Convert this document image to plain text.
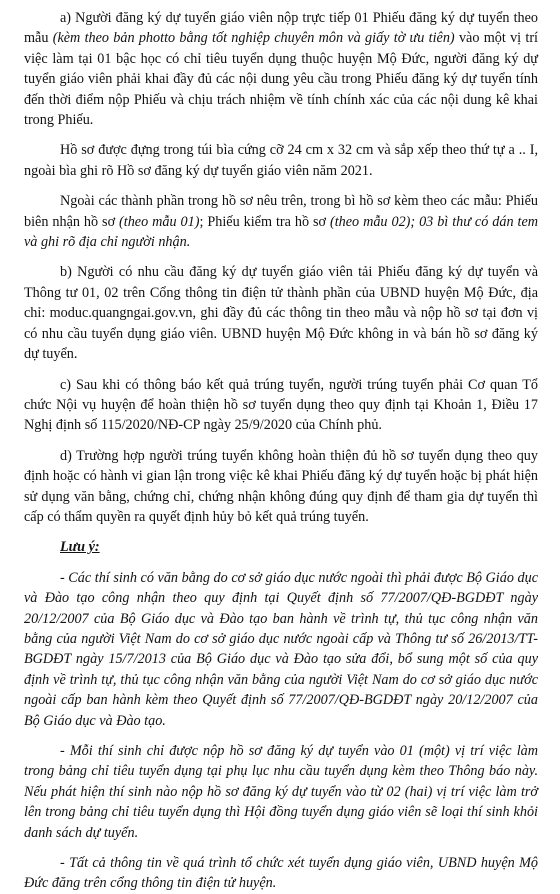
a) Người đăng ký dự tuyển giáo viên nộp trực tiếp 01 Phiếu đăng ký dự tuyển theo mẫu (kèm theo bản photto bằng tốt nghiệp chuyên môn và giấy tờ ưu tiên) vào một vị trí việc làm tại 01 bậc học có chỉ tiêu tuyển dụng thuộc huyện Mộ Đức, người đăng ký dự tuyển giáo viên phải khai đầy đủ các nội dung yêu cầu trong Phiếu đăng ký dự tuyển tính đến thời điểm nộp Phiếu và chịu trách nhiệm về tính chính xác của các nội dung kê khai trong Phiếu.

Hồ sơ được đựng trong túi bìa cứng cỡ 24 cm x 32 cm và sắp xếp theo thứ tự a .. I, ngoài bìa ghi rõ Hồ sơ đăng ký dự tuyển giáo viên năm 2021.

Ngoài các thành phần trong hồ sơ nêu trên, trong bì hồ sơ kèm theo các mẫu: Phiếu biên nhận hồ sơ (theo mẫu 01); Phiếu kiểm tra hồ sơ (theo mẫu 02); 03 bì thư có dán tem và ghi rõ địa chỉ người nhận.

b) Người có nhu cầu đăng ký dự tuyển giáo viên tải Phiếu đăng ký dự tuyển và Thông tư 01, 02 trên Cổng thông tin điện tử thành phần của UBND huyện Mộ Đức, địa chỉ: moduc.quangngai.gov.vn, ghi đầy đủ các thông tin theo mẫu và nộp hồ sơ tại đơn vị có nhu cầu tuyển dụng giáo viên. UBND huyện Mộ Đức không in và bán hồ sơ đăng ký dự tuyển.

c) Sau khi có thông báo kết quả trúng tuyển, người trúng tuyển phải Cơ quan Tổ chức Nội vụ huyện để hoàn thiện hồ sơ tuyển dụng theo quy định tại Khoản 1, Điều 17 Nghị định số 115/2020/NĐ-CP ngày 25/9/2020 của Chính phủ.

d) Trường hợp người trúng tuyển không hoàn thiện đủ hồ sơ tuyển dụng theo quy định hoặc có hành vi gian lận trong việc kê khai Phiếu đăng ký dự tuyển hoặc bị phát hiện sử dụng văn bằng, chứng chỉ, chứng nhận không đúng quy định để tham gia dự tuyển thì cấp có thẩm quyền ra quyết định hủy bỏ kết quả trúng tuyển.

Lưu ý:

- Các thí sinh có văn bằng do cơ sở giáo dục nước ngoài thì phải được Bộ Giáo dục và Đào tạo công nhận theo quy định tại Quyết định số 77/2007/QĐ-BGDĐT ngày 20/12/2007 của Bộ Giáo dục và Đào tạo ban hành về trình tự, thủ tục công nhận văn bằng của người Việt Nam do cơ sở giáo dục nước ngoài cấp và Thông tư số 26/2013/TT-BGDĐT ngày 15/7/2013 của Bộ Giáo dục và Đào tạo sửa đổi, bổ sung một số của quy định về trình tự, thủ tục công nhận văn bằng của người Việt Nam do cơ sở giáo dục nước ngoài cấp ban hành kèm theo Quyết định số 77/2007/QĐ-BGDĐT ngày 20/12/2007 của Bộ Giáo dục và Đào tạo.

- Mỗi thí sinh chỉ được nộp hồ sơ đăng ký dự tuyển vào 01 (một) vị trí việc làm trong bảng chỉ tiêu tuyển dụng tại phụ lục nhu cầu tuyển dụng kèm theo Thông báo này. Nếu phát hiện thí sinh nào nộp hồ sơ đăng ký dự tuyển vào từ 02 (hai) vị trí việc làm trở lên trong bảng chỉ tiêu tuyển dụng thì Hội đồng tuyển dụng giáo viên sẽ loại thí sinh khỏi danh sách dự tuyển.

- Tất cả thông tin về quá trình tổ chức xét tuyển dụng giáo viên, UBND huyện Mộ Đức đăng trên cổng thông tin điện tử huyện.
